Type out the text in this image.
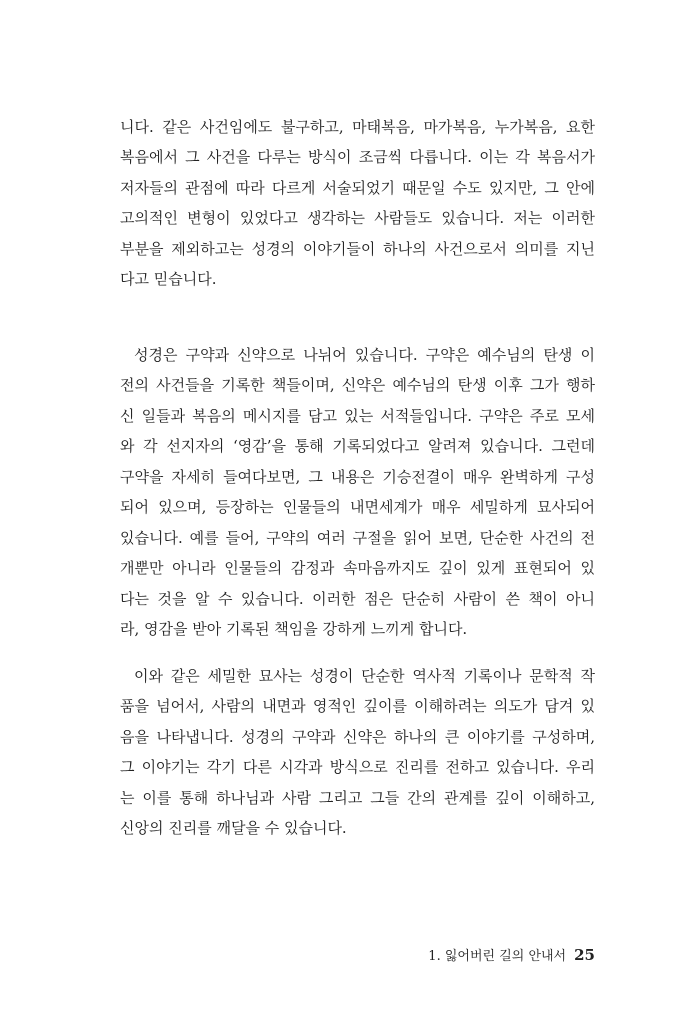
니다. 같은 사건임에도 불구하고, 마태복음, 마가복음, 누가복음, 요한
복음에서 그 사건을 다루는 방식이 조금씩 다릅니다. 이는 각 복음서가
저자들의 관점에 따라 다르게 서술되었기 때문일 수도 있지만, 그 안에
고의적인 변형이 있었다고 생각하는 사람들도 있습니다. 저는 이러한
부분을 제외하고는 성경의 이야기들이 하나의 사건으로서 의미를 지닌
다고 믿습니다.
성경은 구약과 신약으로 나뉘어 있습니다. 구약은 예수님의 탄생 이
전의 사건들을 기록한 책들이며, 신약은 예수님의 탄생 이후 그가 행하
신 일들과 복음의 메시지를 담고 있는 서적들입니다. 구약은 주로 모세
와 각 선지자의 ‘영감’을 통해 기록되었다고 알려져 있습니다. 그런데
구약을 자세히 들여다보면, 그 내용은 기승전결이 매우 완벽하게 구성
되어 있으며, 등장하는 인물들의 내면세계가 매우 세밀하게 묘사되어
있습니다. 예를 들어, 구약의 여러 구절을 읽어 보면, 단순한 사건의 전
개뿐만 아니라 인물들의 감정과 속마음까지도 깊이 있게 표현되어 있
다는 것을 알 수 있습니다. 이러한 점은 단순히 사람이 쓴 책이 아니
라, 영감을 받아 기록된 책임을 강하게 느끼게 합니다.
이와 같은 세밀한 묘사는 성경이 단순한 역사적 기록이나 문학적 작
품을 넘어서, 사람의 내면과 영적인 깊이를 이해하려는 의도가 담겨 있
음을 나타냅니다. 성경의 구약과 신약은 하나의 큰 이야기를 구성하며,
그 이야기는 각기 다른 시각과 방식으로 진리를 전하고 있습니다. 우리
는 이를 통해 하나님과 사람 그리고 그들 간의 관계를 깊이 이해하고,
신앙의 진리를 깨달을 수 있습니다.
1. 잃어버린 길의 안내서 25
